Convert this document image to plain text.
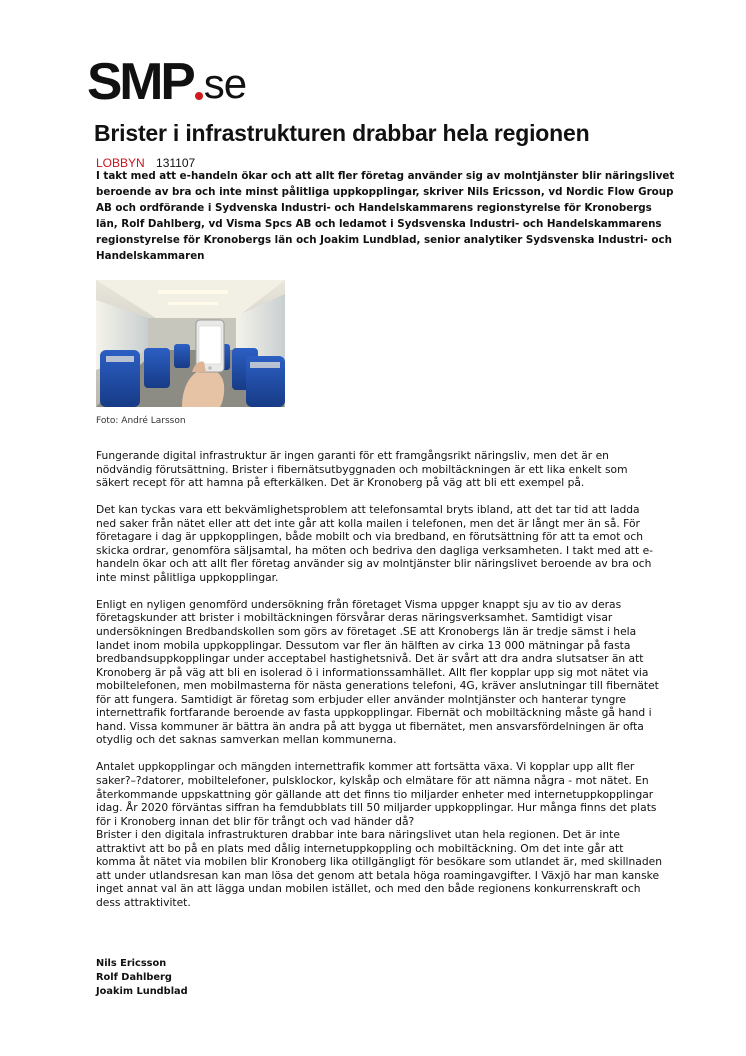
SMP se
Brister i infrastrukturen drabbar hela regionen
LOBBYN 131107

I takt med att e-handeln ökar och att allt fler företag använder sig av molntjänster blir näringslivet beroende av bra och inte minst pålitliga uppkopplingar, skriver Nils Ericsson, vd Nordic Flow Group AB och ordförande i Sydvenska Industri- och Handelskammarens regionstyrelse för Kronobergs län, Rolf Dahlberg, vd Visma Spcs AB och ledamot i Sydsvenska Industri- och Handelskammarens regionstyrelse för Kronobergs län och Joakim Lundblad, senior analytiker Sydsvenska Industri- och Handelskammaren

Foto: André Larsson

Fungerande digital infrastruktur är ingen garanti för ett framgångsrikt näringsliv, men det är en nödvändig förutsättning. Brister i fibernätsutbyggnaden och mobiltäckningen är ett lika enkelt som säkert recept för att hamna på efterkälken. Det är Kronoberg på väg att bli ett exempel på.

Det kan tyckas vara ett bekvämlighetsproblem att telefonsamtal bryts ibland, att det tar tid att ladda ned saker från nätet eller att det inte går att kolla mailen i telefonen, men det är långt mer än så. För företagare i dag är uppkopplingen, både mobilt och via bredband, en förutsättning för att ta emot och skicka ordrar, genomföra säljsamtal, ha möten och bedriva den dagliga verksamheten. I takt med att e-handeln ökar och att allt fler företag använder sig av molntjänster blir näringslivet beroende av bra och inte minst pålitliga uppkopplingar.

Enligt en nyligen genomförd undersökning från företaget Visma uppger knappt sju av tio av deras företagskunder att brister i mobiltäckningen försvårar deras näringsverksamhet. Samtidigt visar undersökningen Bredbandskollen som görs av företaget .SE att Kronobergs län är tredje sämst i hela landet inom mobila uppkopplingar. Dessutom var fler än hälften av cirka 13 000 mätningar på fasta bredbandsuppkopplingar under acceptabel hastighetsnivå. Det är svårt att dra andra slutsatser än att Kronoberg är på väg att bli en isolerad ö i informationssamhället. Allt fler kopplar upp sig mot nätet via mobiltelefonen, men mobilmasterna för nästa generations telefoni, 4G, kräver anslutningar till fibernätet för att fungera. Samtidigt är företag som erbjuder eller använder molntjänster och hanterar tyngre internettrafik fortfarande beroende av fasta uppkopplingar. Fibernät och mobiltäckning måste gå hand i hand. Vissa kommuner är bättra än andra på att bygga ut fibernätet, men ansvarsfördelningen är ofta otydlig och det saknas samverkan mellan kommunerna.

Antalet uppkopplingar och mängden internettrafik kommer att fortsätta växa. Vi kopplar upp allt fler saker?–?datorer, mobiltelefoner, pulsklockor, kylskåp och elmätare för att nämna några - mot nätet. En återkommande uppskattning gör gällande att det finns tio miljarder enheter med internetuppkopplingar idag. År 2020 förväntas siffran ha femdubblats till 50 miljarder uppkopplingar. Hur många finns det plats för i Kronoberg innan det blir för trångt och vad händer då?

Brister i den digitala infrastrukturen drabbar inte bara näringslivet utan hela regionen. Det är inte attraktivt att bo på en plats med dålig internetuppkoppling och mobiltäckning. Om det inte går att komma åt nätet via mobilen blir Kronoberg lika otillgängligt för besökare som utlandet är, med skillnaden att under utlandsresan kan man lösa det genom att betala höga roamingavgifter. I Växjö har man kanske inget annat val än att lägga undan mobilen istället, och med den både regionens konkurrenskraft och dess attraktivitet.

Nils Ericsson
Rolf Dahlberg
Joakim Lundblad
